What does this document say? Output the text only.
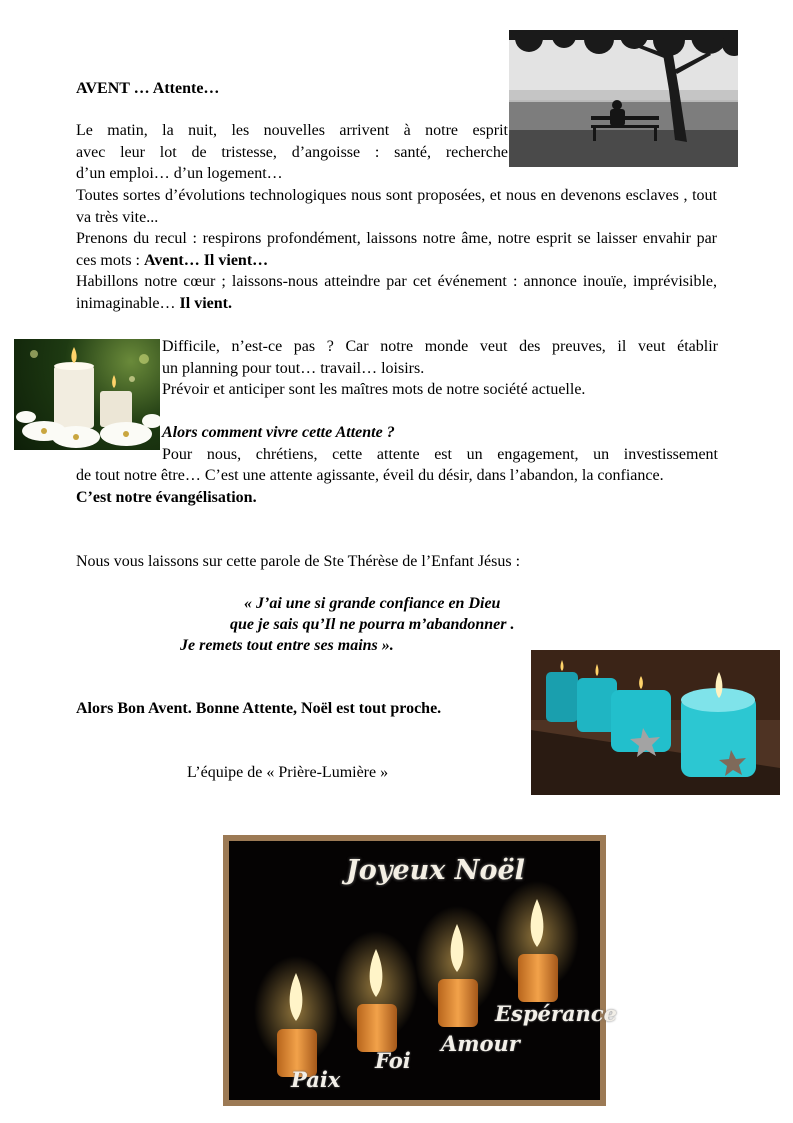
AVENT … Attente…

Le matin, la nuit, les nouvelles arrivent à notre esprit

avec leur lot de tristesse, d’angoisse : santé, recherche

d’un emploi… d’un logement…

Toutes sortes d’évolutions technologiques nous sont proposées, et nous en devenons esclaves , tout va très vite...

Prenons du recul : respirons profondément, laissons notre âme, notre esprit se laisser envahir par ces mots : Avent… Il vient…

Habillons notre cœur ; laissons-nous atteindre par cet événement : annonce inouïe, imprévisible, inimaginable… Il vient.

Difficile, n’est-ce pas ? Car notre monde veut des preuves, il veut établir

un planning pour tout… travail… loisirs.

Prévoir et anticiper sont les maîtres mots de notre société actuelle.

Alors comment vivre cette Attente ?

Pour nous, chrétiens, cette attente est un engagement, un investissement

de tout notre être… C’est une attente agissante, éveil du désir, dans l’abandon, la confiance.

C’est notre évangélisation.

Nous vous laissons sur cette parole de Ste Thérèse de l’Enfant Jésus :

« J’ai une si grande confiance en Dieu
que je sais qu’Il ne pourra m’abandonner .
Je remets tout entre ses mains ».
Alors Bon Avent. Bonne Attente, Noël est tout proche.
L’équipe de « Prière-Lumière »
Joyeux Noël
Paix
Foi
Amour
Espérance
